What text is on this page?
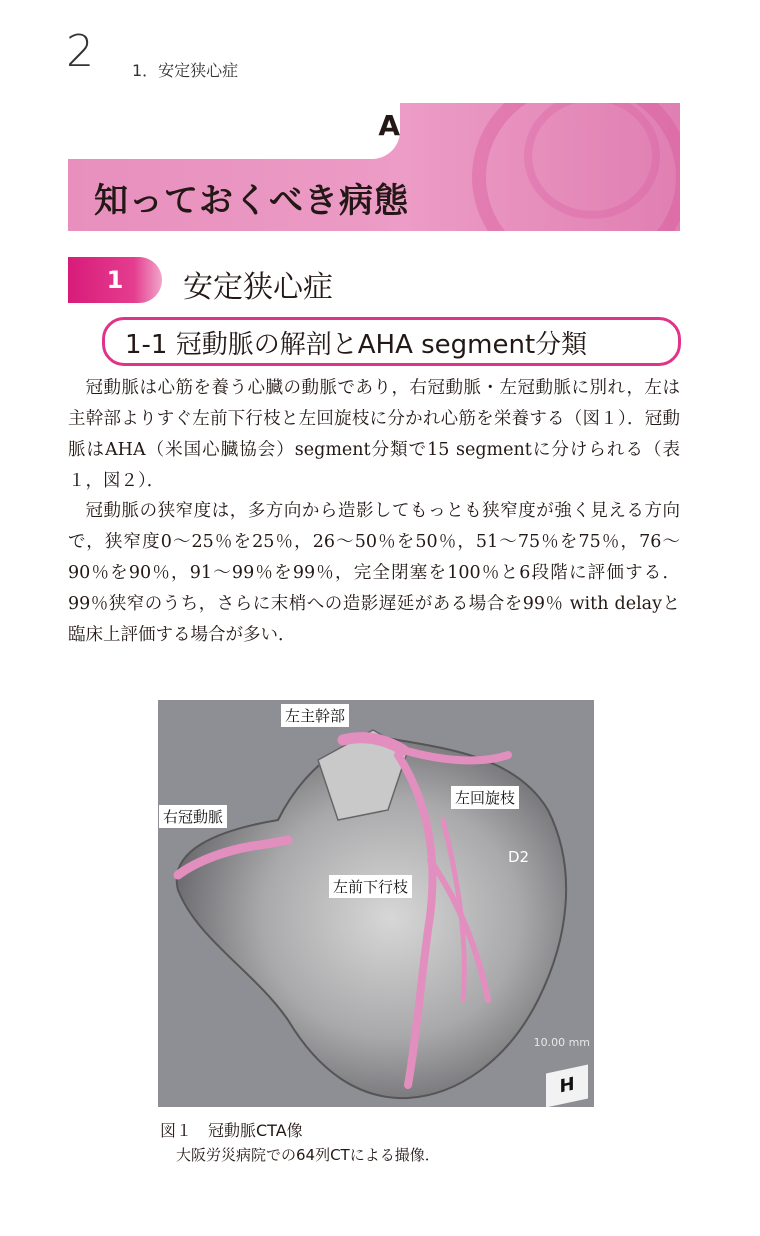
2 1．安定狭心症
A
知っておくべき病態
1	安定狭心症
1-1 冠動脈の解剖とAHA segment分類

冠動脈は心筋を養う心臓の動脈であり，右冠動脈・左冠動脈に別れ，左は主幹部よりすぐ左前下行枝と左回旋枝に分かれ心筋を栄養する（図１）．冠動脈はAHA（米国心臓協会）segment分類で15 segmentに分けられる（表１，図２）．

冠動脈の狭窄度は，多方向から造影してもっとも狭窄度が強く見える方向で，狭窄度0～25％を25％，26～50％を50％，51～75％を75％，76～90％を90％，91～99％を99％，完全閉塞を100％と6段階に評価する．99％狭窄のうち，さらに末梢への造影遅延がある場合を99％ with delayと臨床上評価する場合が多い．

左主幹部
左回旋枝
右冠動脈
左前下行枝
D2
10.00 mm
H
図１　冠動脈CTA像
大阪労災病院での64列CTによる撮像．
